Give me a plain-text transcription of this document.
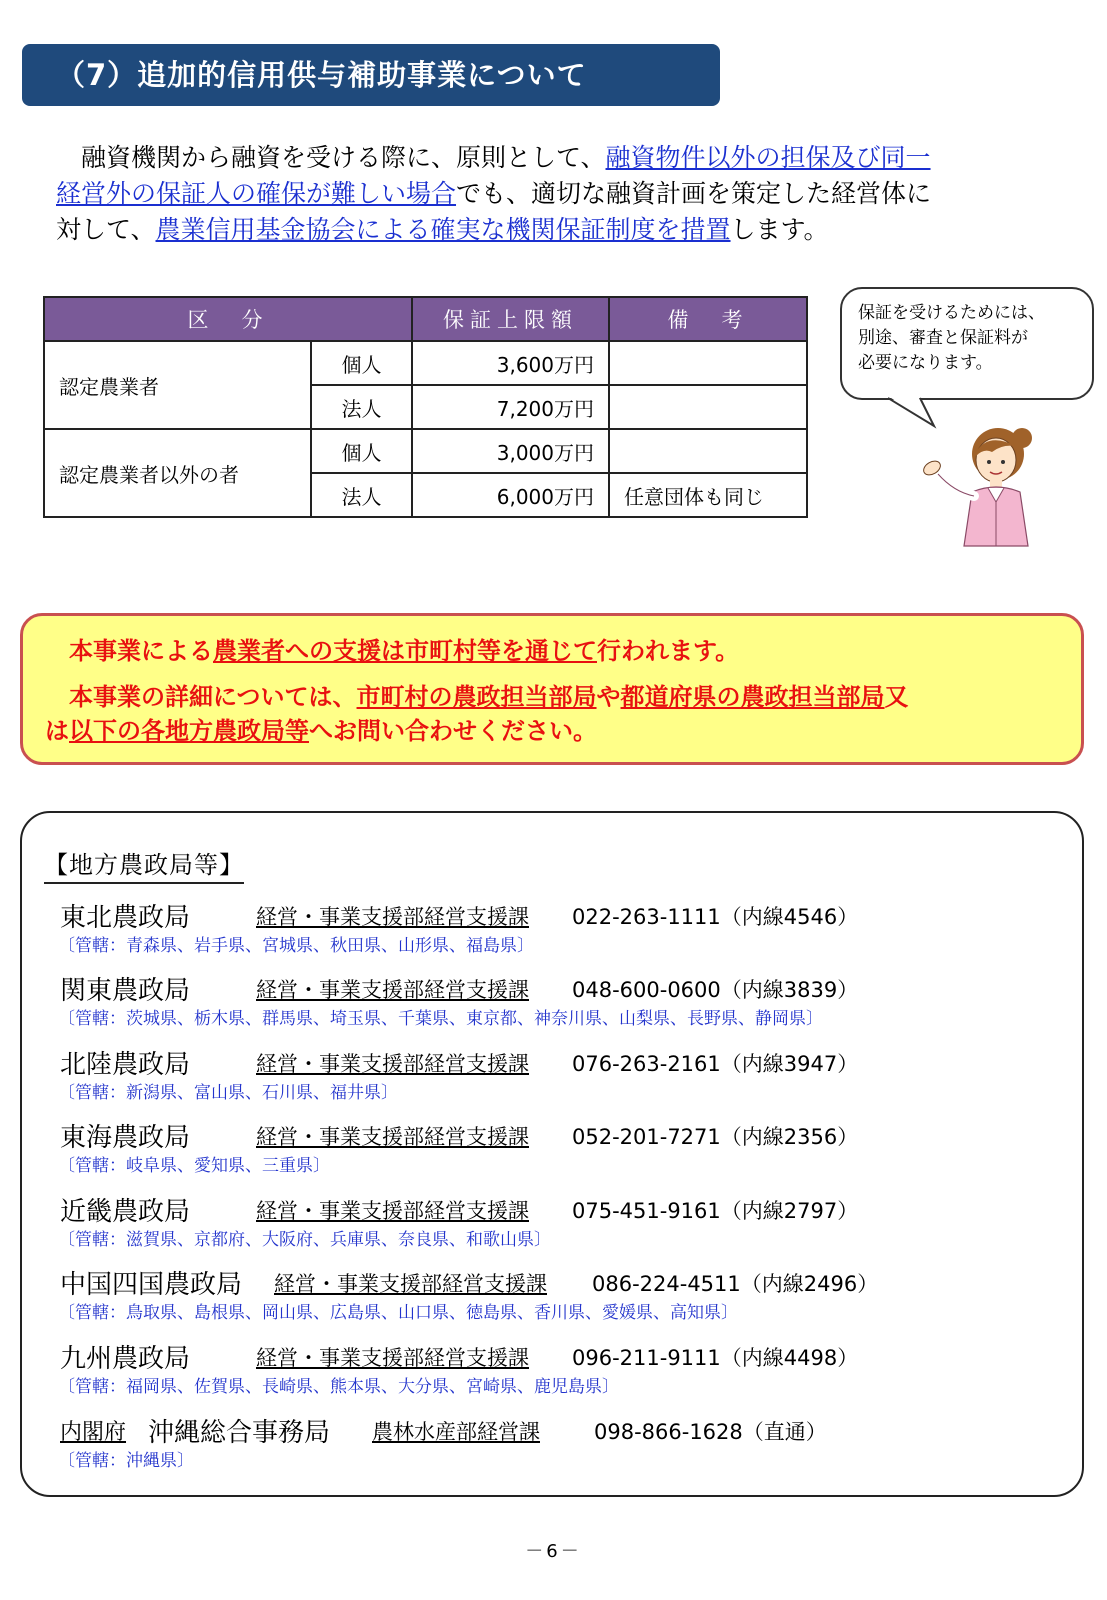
（7）追加的信用供与補助事業について
　融資機関から融資を受ける際に、原則として、融資物件以外の担保及び同一
経営外の保証人の確保が難しい場合でも、適切な融資計画を策定した経営体に
対して、農業信用基金協会による確実な機関保証制度を措置します。
区　分		保証上限額	備　考
認定農業者	個人	3,600万円	
	法人	7,200万円	
認定農業者以外の者	個人	3,000万円	
	法人	6,000万円	任意団体も同じ
保証を受けるためには、
別途、審査と保証料が
必要になります。
　本事業による農業者への支援は市町村等を通じて行われます。
　本事業の詳細については、市町村の農政担当部局や都道府県の農政担当部局又
は以下の各地方農政局等へお問い合わせください。
【地方農政局等】
東北農政局	経営・事業支援部経営支援課 022-263-1111（内線4546）
〔管轄：青森県、岩手県、宮城県、秋田県、山形県、福島県〕
関東農政局	経営・事業支援部経営支援課 048-600-0600（内線3839）
〔管轄：茨城県、栃木県、群馬県、埼玉県、千葉県、東京都、神奈川県、山梨県、長野県、静岡県〕
北陸農政局	経営・事業支援部経営支援課 076-263-2161（内線3947）
〔管轄：新潟県、富山県、石川県、福井県〕
東海農政局	経営・事業支援部経営支援課 052-201-7271（内線2356）
〔管轄：岐阜県、愛知県、三重県〕
近畿農政局	経営・事業支援部経営支援課 075-451-9161（内線2797）
〔管轄：滋賀県、京都府、大阪府、兵庫県、奈良県、和歌山県〕
中国四国農政局 経営・事業支援部経営支援課 086-224-4511（内線2496）
〔管轄：鳥取県、島根県、岡山県、広島県、山口県、徳島県、香川県、愛媛県、高知県〕
九州農政局	経営・事業支援部経営支援課 096-211-9111（内線4498）
〔管轄：福岡県、佐賀県、長崎県、熊本県、大分県、宮崎県、鹿児島県〕
内閣府 沖縄総合事務局 農林水産部経営課	098-866-1628（直通）
〔管轄：沖縄県〕
－6－
